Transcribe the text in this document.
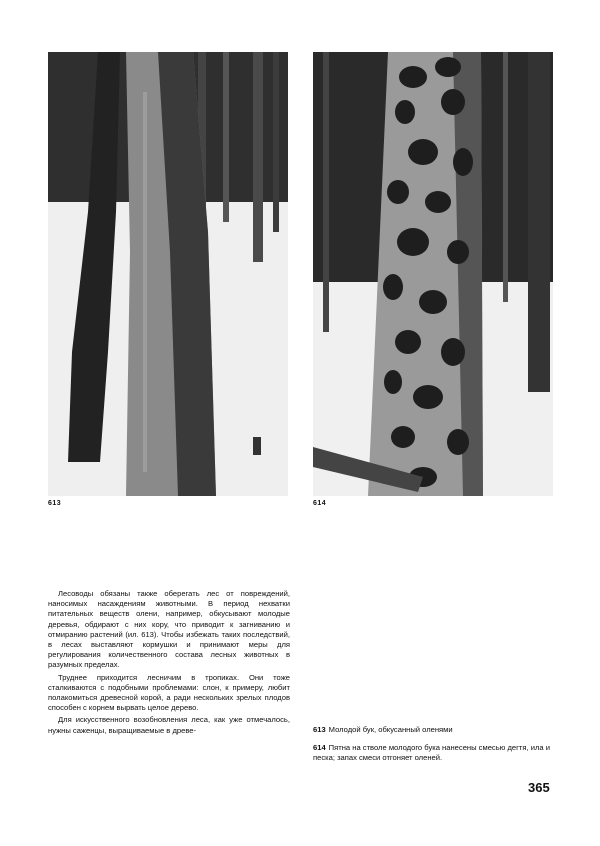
613	614

Лесоводы обязаны также оберегать лес от повреждений, наносимых насаждениям животными. В период нехватки питательных веществ олени, например, обкусывают молодые деревья, обдирают с них кору, что приводит к загниванию и отмиранию растений (ил. 613). Чтобы избежать таких последствий, в лесах выставляют кормушки и принимают меры для регулирования количественного состава лесных животных в разумных пределах.

Труднее приходится лесничим в тропиках. Они тоже сталкиваются с подобными проблемами: слон, к примеру, любит полакомиться древесной корой, а ради нескольких зрелых плодов способен с корнем вырвать целое дерево.

Для искусственного возобновления леса, как уже отмечалось, нужны саженцы, выращиваемые в древе-	613 Молодой бук, обкусанный оленями

614 Пятна на стволе молодого бука нанесены смесью дегтя, ила и песка; запах смеси отгоняет оленей.

365
